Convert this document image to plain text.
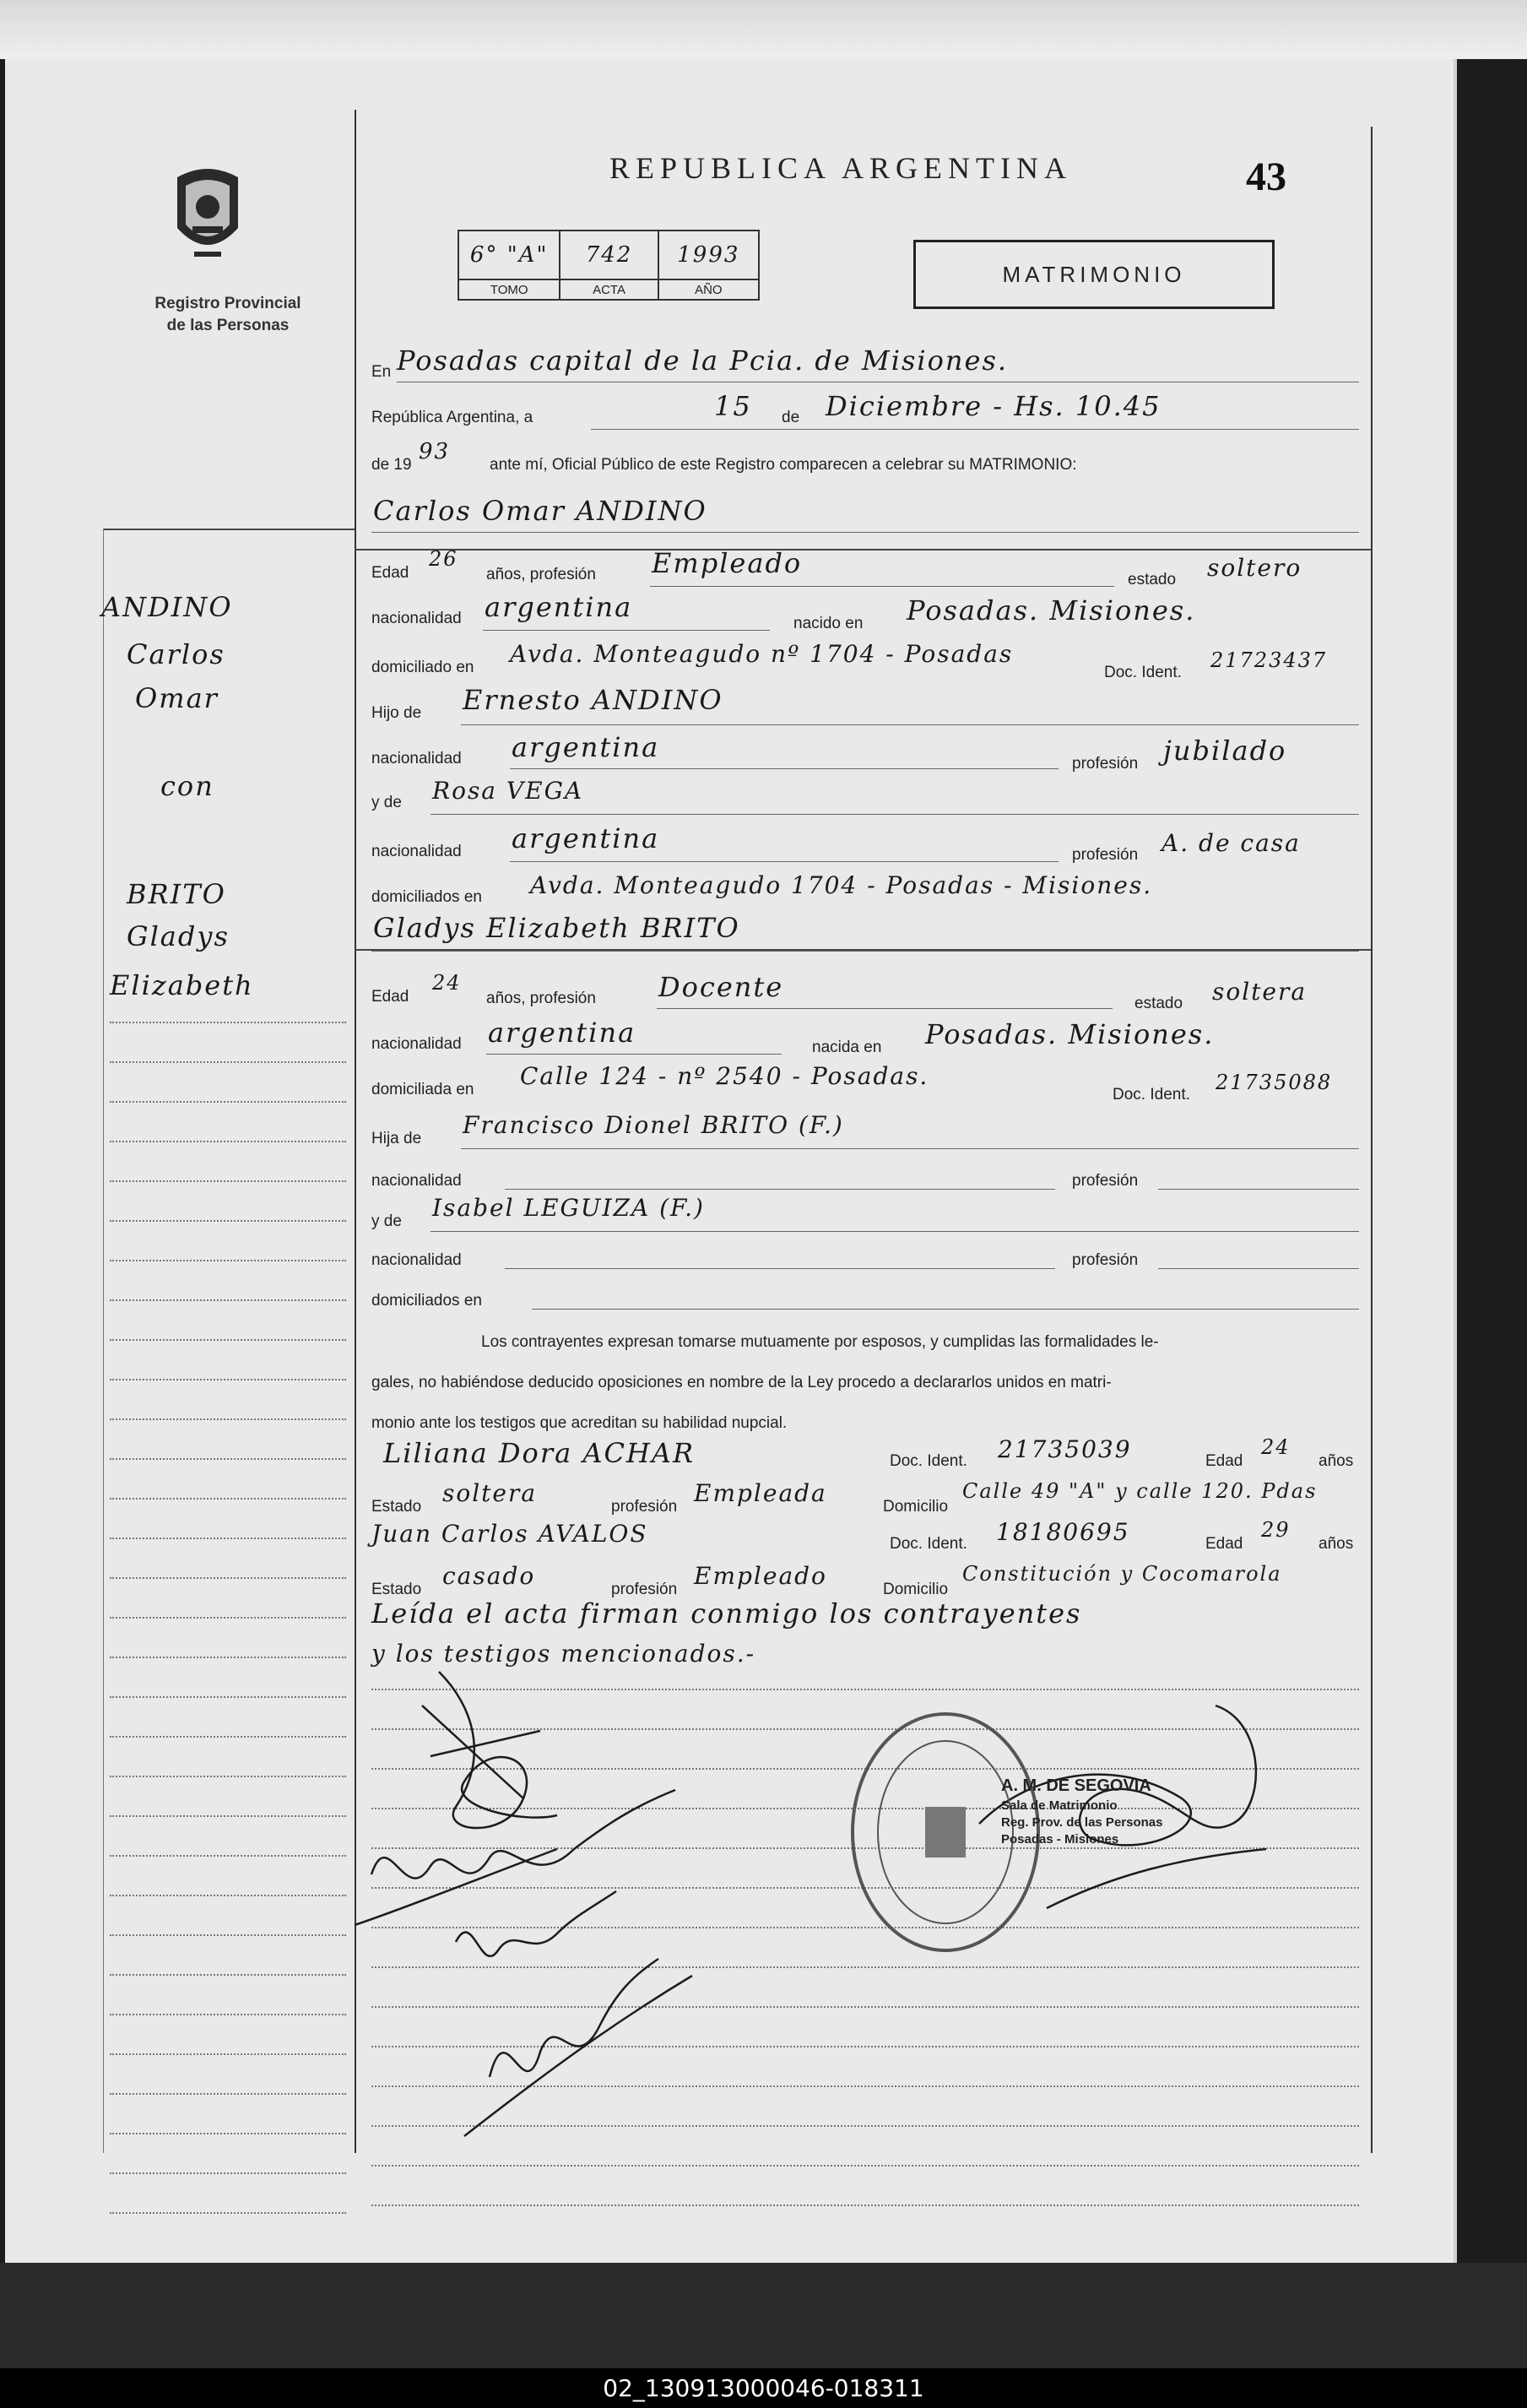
Registro Provincial
de las Personas
REPUBLICA ARGENTINA	43
6° "A"	742	1993
TOMO	ACTA	AÑO
MATRIMONIO
ANDINO
Carlos
Omar
con
BRITO
Gladys
Elizabeth
En Posadas capital de la Pcia. de Misiones.
República Argentina, a	15 de Diciembre - Hs. 10.45
de 19
93
ante mí, Oficial Público de este Registro comparecen a celebrar su MATRIMONIO:
Carlos Omar ANDINO
Edad
26
años, profesión Empleado
estado soltero
nacionalidad argentina
nacido en Posadas. Misiones.
domiciliado en Avda. Monteagudo nº 1704 - Posadas
Doc. Ident.
21723437
Hijo de Ernesto ANDINO
nacionalidad argentina
profesión jubilado
y de Rosa VEGA
nacionalidad argentina
profesión A. de casa
domiciliados en Avda. Monteagudo 1704 - Posadas - Misiones.
Gladys Elizabeth BRITO
Edad
24
años, profesión Docente
estado soltera
nacionalidad argentina	nacida en Posadas. Misiones.
domiciliada en Calle 124 - nº 2540 - Posadas.
Doc. Ident.
21735088
Hija de Francisco Dionel BRITO (F.)
nacionalidad	profesión
y de Isabel LEGUIZA (F.)
nacionalidad	profesión
domiciliados en
Los contrayentes expresan tomarse mutuamente por esposos, y cumplidas las formalidades le-
gales, no habiéndose deducido oposiciones en nombre de la Ley procedo a declararlos unidos en matri-
monio ante los testigos que acreditan su habilidad nupcial.
Liliana Dora ACHAR	Doc. Ident. 21735039	Edad
24
años
Estado soltera	profesión Empleada	Domicilio
Calle 49 "A" y calle 120. Pdas
Juan Carlos AVALOS	Doc. Ident. 18180695	Edad
29
años
Estado casado	profesión Empleado	Domicilio
Constitución y Cocomarola
Leída el acta firman conmigo los contrayentes
y los testigos mencionados.-
A. M. DE SEGOVIA
Sala de Matrimonio
Reg. Prov. de las Personas
Posadas - Misiones
02_130913000046-018311
